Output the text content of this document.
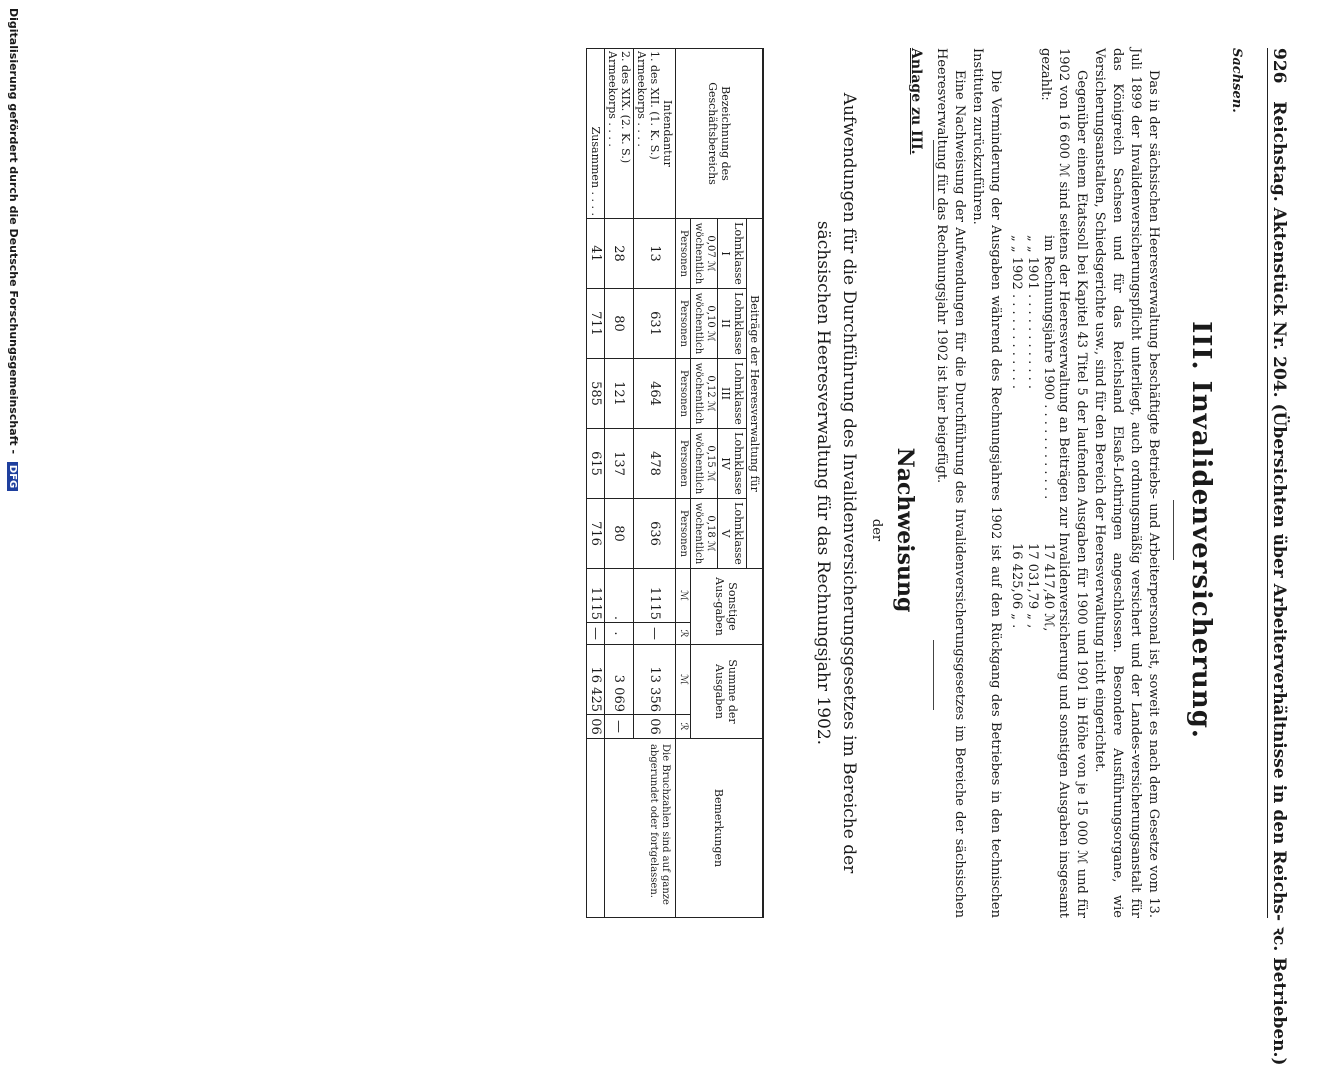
926   Reichstag. Aktenstück Nr. 204. (Übersichten über Arbeiterverhältnisse in den Reichs- ꝛc. Betrieben.)
Sachsen.
III. Invalidenversicherung.

Das in der sächsischen Heeresverwaltung beschäftigte Betriebs- und Arbeiterpersonal ist, soweit es nach dem Gesetze vom 13. Juli 1899 der Invalidenversicherungspflicht unterliegt, auch ordnungsmäßig versichert und der Landes-versicherungsanstalt für das Königreich Sachsen und für das Reichsland Elsaß-Lothringen angeschlossen. Besondere Ausführungsorgane, wie Versicherungsanstalten, Schiedsgerichte usw., sind für den Bereich der Heeresverwaltung nicht eingerichtet.

Gegenüber einem Etatssoll bei Kapitel 43 Titel 5 der laufenden Ausgaben für 1900 und 1901 in Höhe von je 15 000 ℳ und für 1902 von 16 600 ℳ sind seitens der Heeresverwaltung an Beiträgen zur Invalidenversicherung und sonstigen Ausgaben insgesamt gezahlt:

im Rechnungsjahre 1900 . . . . . . . . . . . .
17 417,40 ℳ,
„ „ 1901 . . . . . . . . . . . .
17 031,79 „ ,
„ „ 1902 . . . . . . . . . . . .
16 425,06 „ .

Die Verminderung der Ausgaben während des Rechnungsjahres 1902 ist auf den Rückgang des Betriebes in den technischen Instituten zurückzuführen.

Eine Nachweisung der Aufwendungen für die Durchführung des Invalidenversicherungsgesetzes im Bereiche der sächsischen Heeresverwaltung für das Rechnungsjahr 1902 ist hier beigefügt.

Anlage zu III.
Nachweisung
der
Aufwendungen für die Durchführung des Invalidenversicherungsgesetzes im Bereiche der sächsischen Heeresverwaltung für das Rechnungsjahr 1902.
Bezeichnung des Geschäftsbereichs	Beiträge der Heeresverwaltung für					Sonstige Aus-gaben		Summe der Ausgaben		Bemerkungen
	Lohnklasse I	Lohnklasse II	Lohnklasse III	Lohnklasse IV	Lohnklasse V					
	0,07 ℳ wöchentlich	0,10 ℳ wöchentlich	0,12 ℳ wöchentlich	0,15 ℳ wöchentlich	0,18 ℳ wöchentlich					
	Personen	Personen	Personen	Personen	Personen	ℳ	ℛ	ℳ	ℛ	

Intendantur
1. des XII. (1. K. S.) Armeekorps . . . .	13	631	464	478	636	1115	—	13 356	06	Die Bruchzahlen sind auf ganze abgerundet oder fortgelassen.
2. des XIX. (2. K. S.) Armeekorps . . . .	28	80	121	137	80	.	.	3 069	—	
Zusammen . . . .	41	711	585	615	716	1115	—	16 425	06	
Digitalisierung gefördert durch die Deutsche Forschungsgemeinschaft - DFG
